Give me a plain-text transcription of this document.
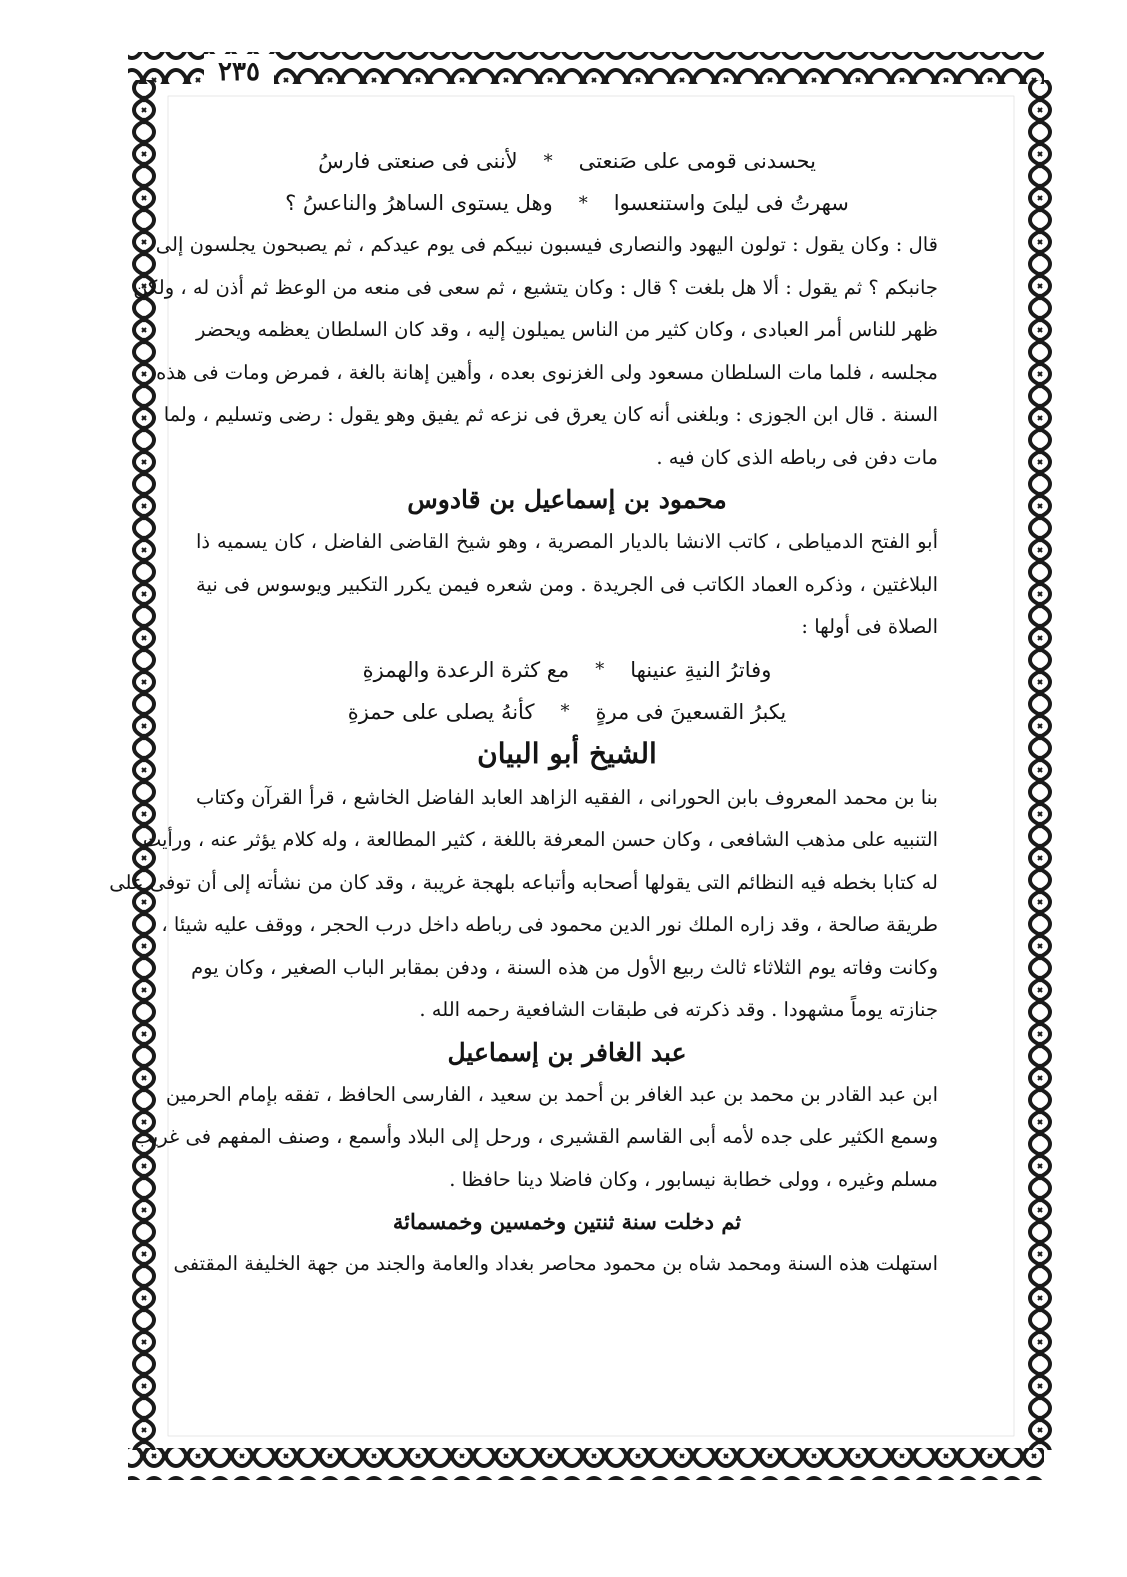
٢٣٥
يحسدنى قومى على صَنعتى
*
لأننى فى صنعتى فارسُ
سهرتُ فى ليلىَ واستنعسوا
*
وهل يستوى الساهرُ والناعسُ ؟
قال : وكان يقول : تولون اليهود والنصارى فيسبون نبيكم فى يوم عيدكم ، ثم يصبحون يجلسون إلى
جانبكم ؟ ثم يقول : ألا هل بلغت ؟ قال : وكان يتشيع ، ثم سعى فى منعه من الوعظ ثم أذن له ، ولكن
ظهر للناس أمر العبادى ، وكان كثير من الناس يميلون إليه ، وقد كان السلطان يعظمه ويحضر
مجلسه ، فلما مات السلطان مسعود ولى الغزنوى بعده ، وأهين إهانة بالغة ، فمرض ومات فى هذه
السنة . قال ابن الجوزى : وبلغنى أنه كان يعرق فى نزعه ثم يفيق وهو يقول : رضى وتسليم ، ولما
مات دفن فى رباطه الذى كان فيه .
محمود بن إسماعيل بن قادوس
أبو الفتح الدمياطى ، كاتب الانشا بالديار المصرية ، وهو شيخ القاضى الفاضل ، كان يسميه ذا
البلاغتين ، وذكره العماد الكاتب فى الجريدة . ومن شعره فيمن يكرر التكبير ويوسوس فى نية
الصلاة فى أولها :
وفاترُ النيةِ عنينها
*
مع كثرة الرعدة والهمزةِ
يكبرُ القسعينَ فى مرةٍ
*
كأنهُ يصلى على حمزةِ
الشيخ أبو البيان
بنا بن محمد المعروف بابن الحورانى ، الفقيه الزاهد العابد الفاضل الخاشع ، قرأ القرآن وكتاب
التنبيه على مذهب الشافعى ، وكان حسن المعرفة باللغة ، كثير المطالعة ، وله كلام يؤثر عنه ، ورأيت
له كتابا بخطه فيه النظائم التى يقولها أصحابه وأتباعه بلهجة غريبة ، وقد كان من نشأته إلى أن توفى على
طريقة صالحة ، وقد زاره الملك نور الدين محمود فى رباطه داخل درب الحجر ، ووقف عليه شيئا ،
وكانت وفاته يوم الثلاثاء ثالث ربيع الأول من هذه السنة ، ودفن بمقابر الباب الصغير ، وكان يوم
جنازته يوماً مشهودا . وقد ذكرته فى طبقات الشافعية رحمه الله .
عبد الغافر بن إسماعيل
ابن عبد القادر بن محمد بن عبد الغافر بن أحمد بن سعيد ، الفارسى الحافظ ، تفقه بإمام الحرمين
وسمع الكثير على جده لأمه أبى القاسم القشيرى ، ورحل إلى البلاد وأسمع ، وصنف المفهم فى غريب
مسلم وغيره ، وولى خطابة نيسابور ، وكان فاضلا دينا حافظا .
ثم دخلت سنة ثنتين وخمسين وخمسمائة
استهلت هذه السنة ومحمد شاه بن محمود محاصر بغداد والعامة والجند من جهة الخليفة المقتفى
